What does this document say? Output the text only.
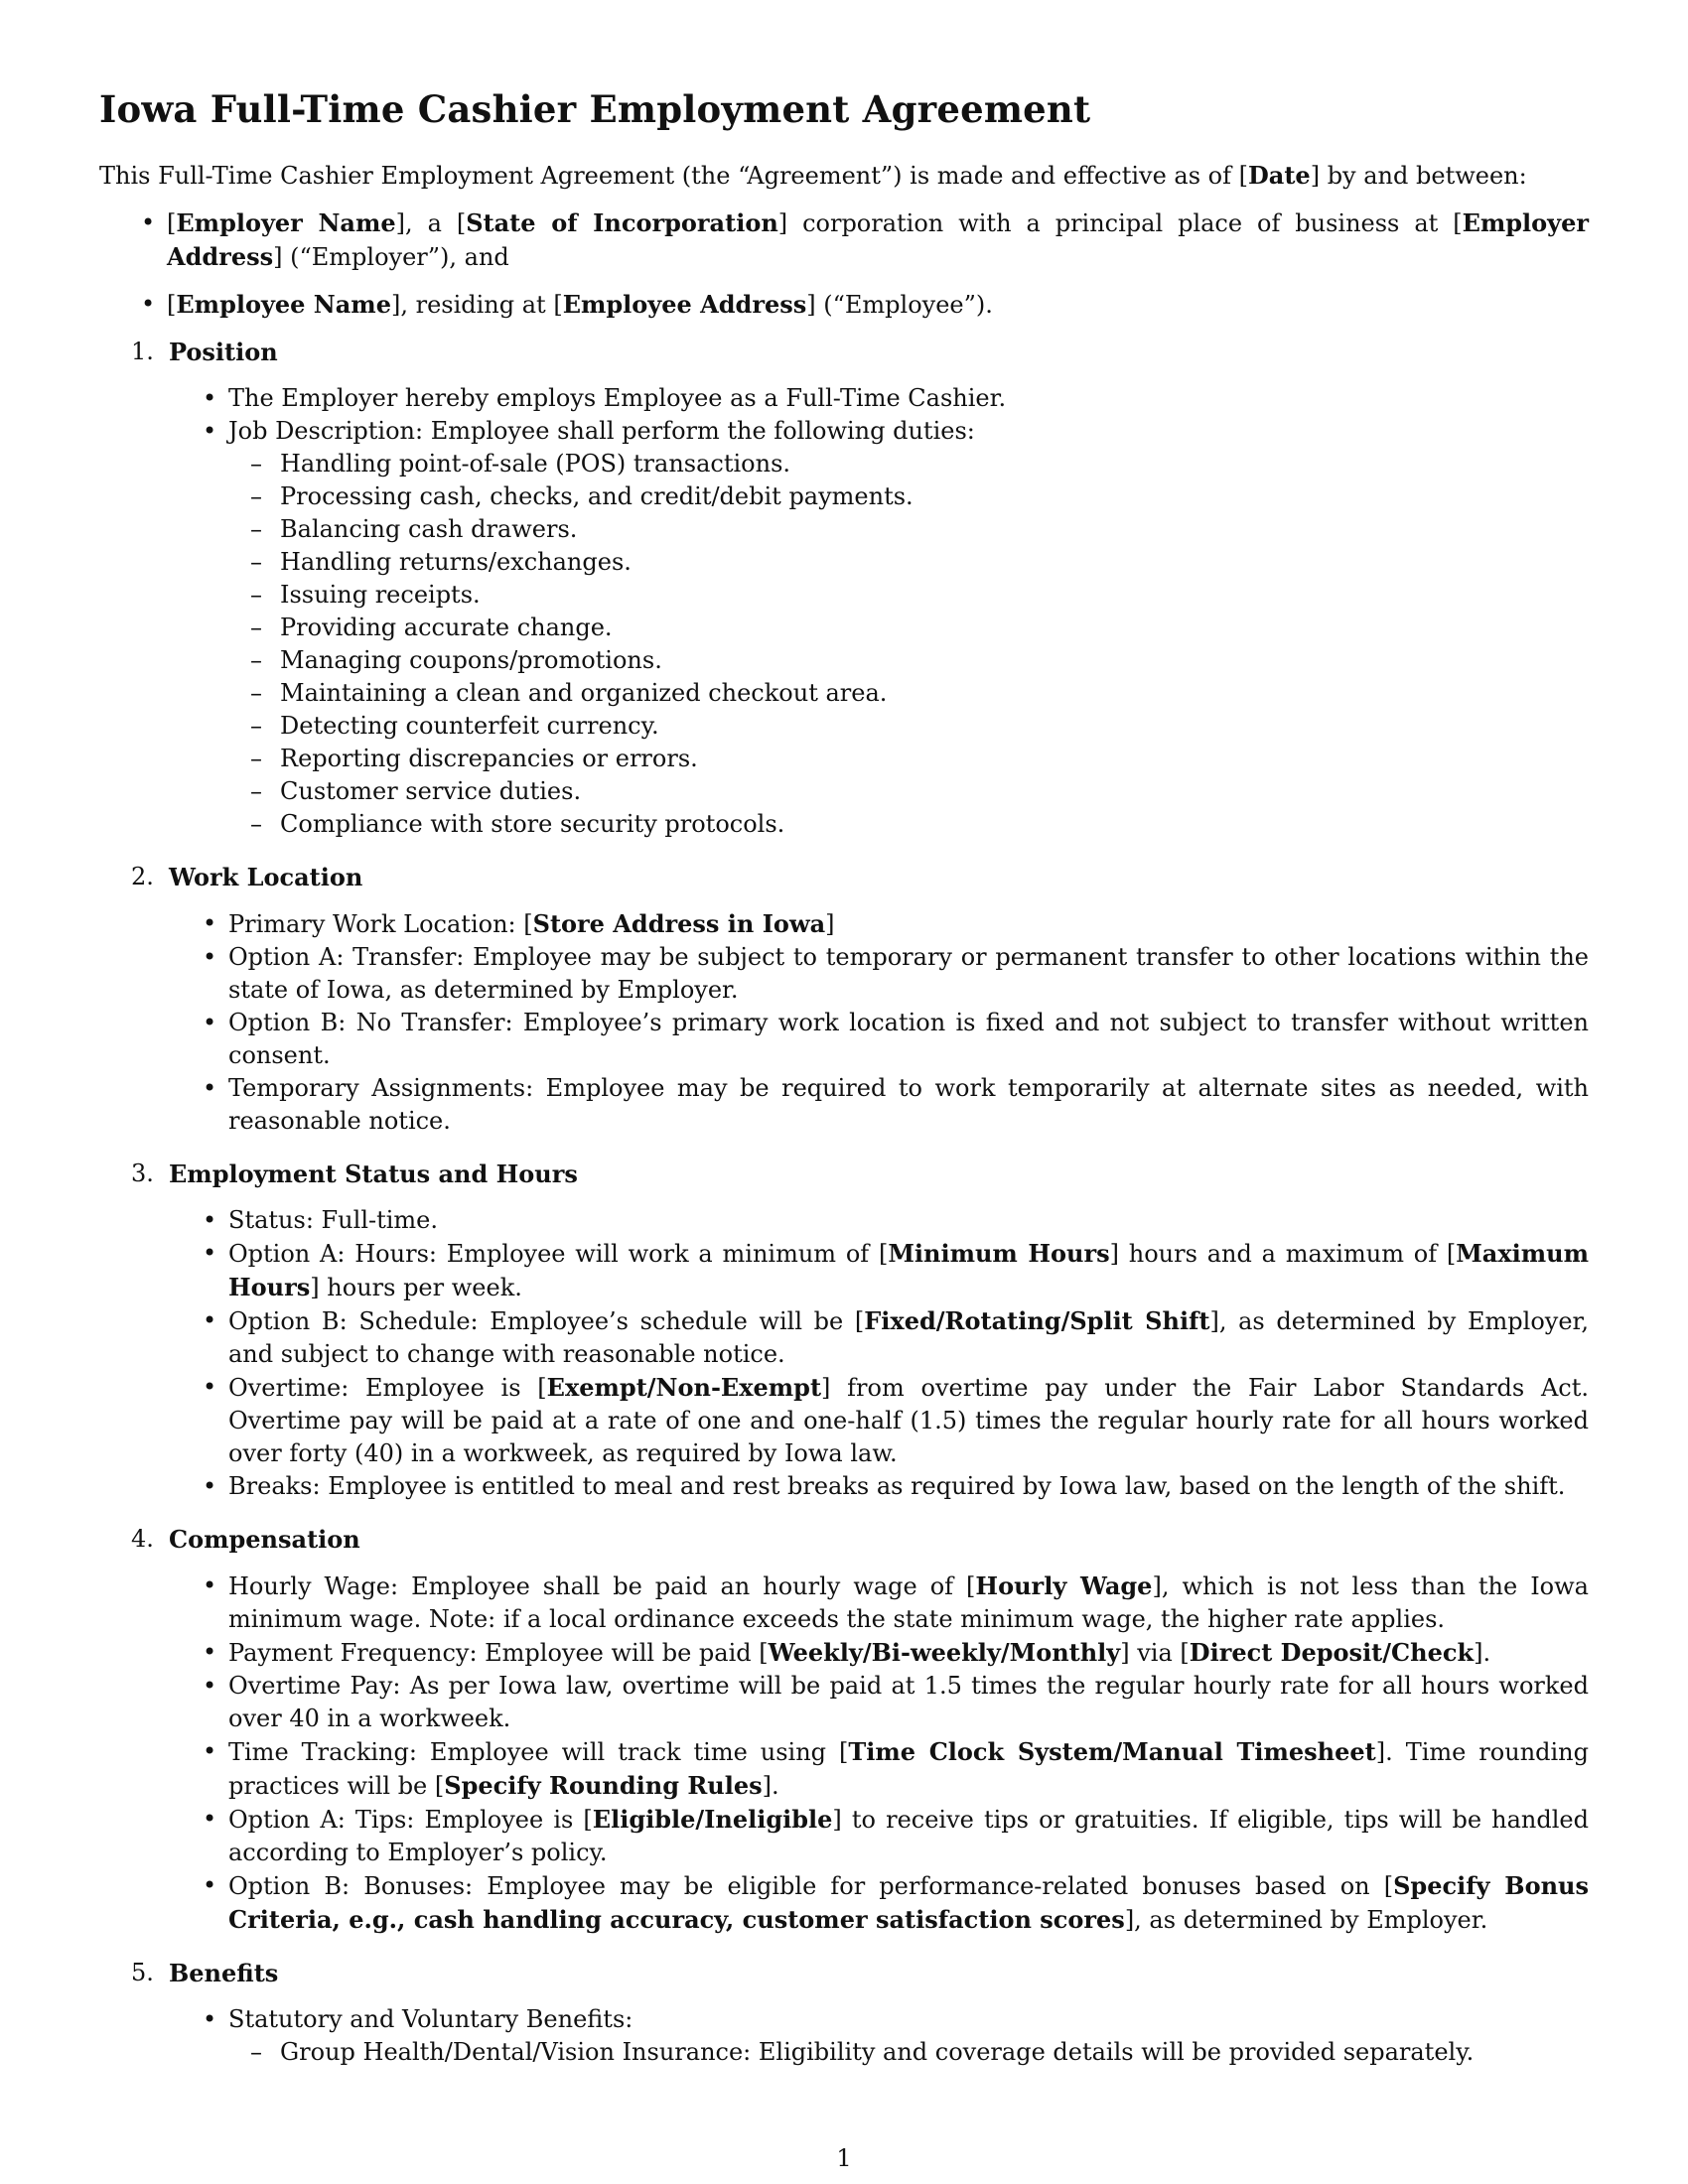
Iowa Full-Time Cashier Employment Agreement

This Full-Time Cashier Employment Agreement (the “Agreement”) is made and effective as of [Date] by and between:

• [Employer Name], a [State of Incorporation] corporation with a principal place of business at [Employer Address] (“Employer”), and
• [Employee Name], residing at [Employee Address] (“Employee”).
1. Position
• The Employer hereby employs Employee as a Full-Time Cashier.
• Job Description: Employee shall perform the following duties:
– Handling point-of-sale (POS) transactions.
– Processing cash, checks, and credit/debit payments.
– Balancing cash drawers.
– Handling returns/exchanges.
– Issuing receipts.
– Providing accurate change.
– Managing coupons/promotions.
– Maintaining a clean and organized checkout area.
– Detecting counterfeit currency.
– Reporting discrepancies or errors.
– Customer service duties.
– Compliance with store security protocols.
2. Work Location
• Primary Work Location: [Store Address in Iowa]
• Option A: Transfer: Employee may be subject to temporary or permanent transfer to other locations within the state of Iowa, as determined by Employer.
• Option B: No Transfer: Employee’s primary work location is fixed and not subject to transfer without written consent.
• Temporary Assignments: Employee may be required to work temporarily at alternate sites as needed, with reasonable notice.
3. Employment Status and Hours
• Status: Full-time.
• Option A: Hours: Employee will work a minimum of [Minimum Hours] hours and a maximum of [Maximum Hours] hours per week.
• Option B: Schedule: Employee’s schedule will be [Fixed/Rotating/Split Shift], as determined by Employer, and subject to change with reasonable notice.
• Overtime: Employee is [Exempt/Non-Exempt] from overtime pay under the Fair Labor Standards Act. Overtime pay will be paid at a rate of one and one-half (1.5) times the regular hourly rate for all hours worked over forty (40) in a workweek, as required by Iowa law.
• Breaks: Employee is entitled to meal and rest breaks as required by Iowa law, based on the length of the shift.
4. Compensation
• Hourly Wage: Employee shall be paid an hourly wage of [Hourly Wage], which is not less than the Iowa minimum wage. Note: if a local ordinance exceeds the state minimum wage, the higher rate applies.
• Payment Frequency: Employee will be paid [Weekly/Bi-weekly/Monthly] via [Direct Deposit/Check].
• Overtime Pay: As per Iowa law, overtime will be paid at 1.5 times the regular hourly rate for all hours worked over 40 in a workweek.
• Time Tracking: Employee will track time using [Time Clock System/Manual Timesheet]. Time rounding practices will be [Specify Rounding Rules].
• Option A: Tips: Employee is [Eligible/Ineligible] to receive tips or gratuities. If eligible, tips will be handled according to Employer’s policy.
• Option B: Bonuses: Employee may be eligible for performance-related bonuses based on [Specify Bonus Criteria, e.g., cash handling accuracy, customer satisfaction scores], as determined by Employer.
5. Benefits
• Statutory and Voluntary Benefits:
– Group Health/Dental/Vision Insurance: Eligibility and coverage details will be provided separately.
1
